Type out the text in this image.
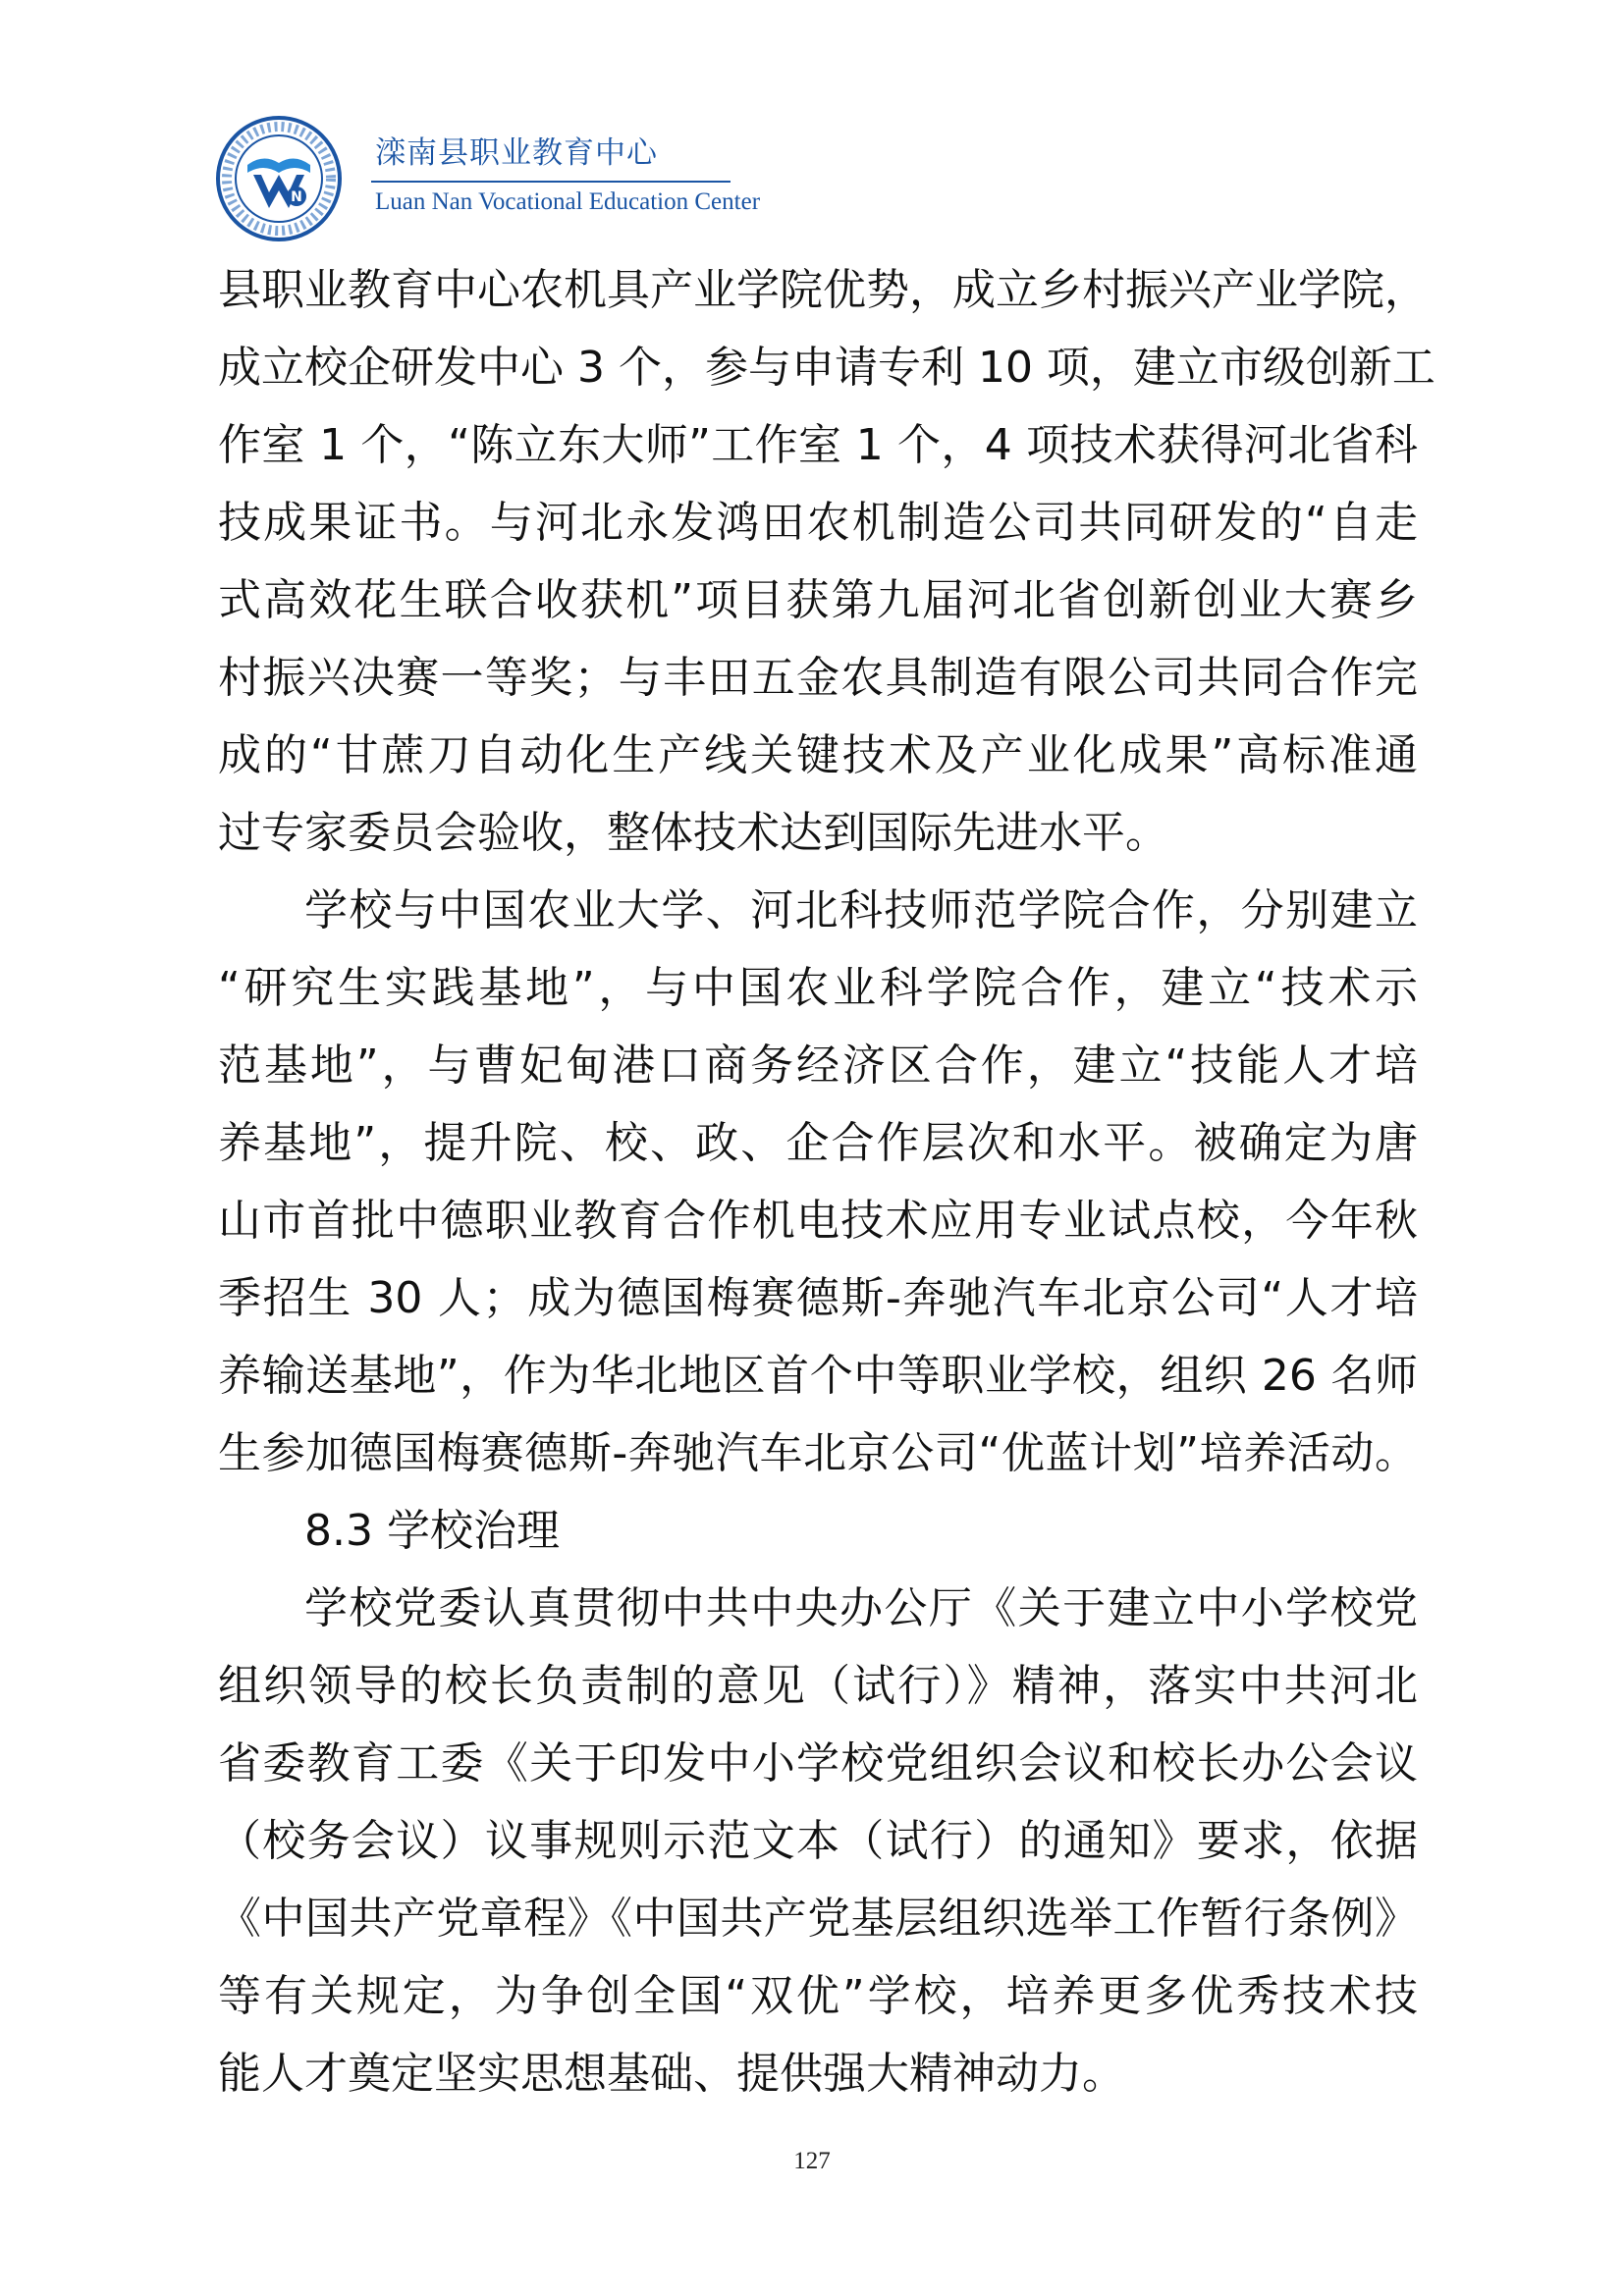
N
滦南县职业教育中心
Luan Nan Vocational Education Center
县职业教育中心农机具产业学院优势，成立乡村振兴产业学院，
成立校企研发中心 3 个，参与申请专利 10 项，建立市级创新工
作室 1 个，“陈立东大师”工作室 1 个，4 项技术获得河北省科
技成果证书。与河北永发鸿田农机制造公司共同研发的“自走
式高效花生联合收获机”项目获第九届河北省创新创业大赛乡
村振兴决赛一等奖；与丰田五金农具制造有限公司共同合作完
成的“甘蔗刀自动化生产线关键技术及产业化成果”高标准通
过专家委员会验收，整体技术达到国际先进水平。
学校与中国农业大学、河北科技师范学院合作，分别建立
“研究生实践基地”，与中国农业科学院合作，建立“技术示
范基地”，与曹妃甸港口商务经济区合作，建立“技能人才培
养基地”，提升院、校、政、企合作层次和水平。被确定为唐
山市首批中德职业教育合作机电技术应用专业试点校，今年秋
季招生 30 人；成为德国梅赛德斯-奔驰汽车北京公司“人才培
养输送基地”，作为华北地区首个中等职业学校，组织 26 名师
生参加德国梅赛德斯-奔驰汽车北京公司“优蓝计划”培养活动。
8.3 学校治理
学校党委认真贯彻中共中央办公厅《关于建立中小学校党
组织领导的校长负责制的意见（试行）》精神，落实中共河北
省委教育工委《关于印发中小学校党组织会议和校长办公会议
（校务会议）议事规则示范文本（试行）的通知》要求，依据
《中国共产党章程》《中国共产党基层组织选举工作暂行条例》
等有关规定，为争创全国“双优”学校，培养更多优秀技术技
能人才奠定坚实思想基础、提供强大精神动力。
127
